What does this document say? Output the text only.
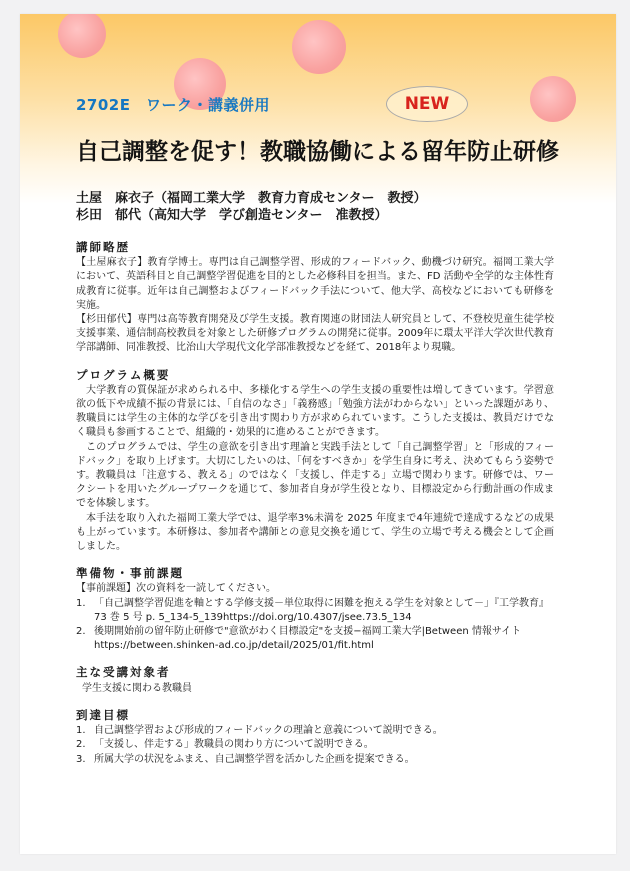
2702E　ワーク・講義併用	NEW
自己調整を促す！教職協働による留年防止研修
土屋　麻衣子（福岡工業大学　教育力育成センター　教授）
杉田　郁代（高知大学　学び創造センター　准教授）
講師略歴
【土屋麻衣子】教育学博士。専門は自己調整学習、形成的フィードバック、動機づけ研究。福岡工業大学において、英語科目と自己調整学習促進を目的とした必修科目を担当。また、FD 活動や全学的な主体性育成教育に従事。近年は自己調整およびフィードバック手法について、他大学、高校などにおいても研修を実施。
【杉田郁代】専門は高等教育開発及び学生支援。教育関連の財団法人研究員として、不登校児童生徒学校支援事業、通信制高校教員を対象とした研修プログラムの開発に従事。2009年に環太平洋大学次世代教育学部講師、同准教授、比治山大学現代文化学部准教授などを経て、2018年より現職。
プログラム概要
大学教育の質保証が求められる中、多様化する学生への学生支援の重要性は増してきています。学習意欲の低下や成績不振の背景には、「自信のなさ」「義務感」「勉強方法がわからない」といった課題があり、教職員には学生の主体的な学びを引き出す関わり方が求められています。こうした支援は、教員だけでなく職員も参画することで、組織的・効果的に進めることができます。
このプログラムでは、学生の意欲を引き出す理論と実践手法として「自己調整学習」と「形成的フィードバック」を取り上げます。大切にしたいのは、「何をすべきか」を学生自身に考え、決めてもらう姿勢です。教職員は「注意する、教える」のではなく「支援し、伴走する」立場で関わります。研修では、ワークシートを用いたグループワークを通じて、参加者自身が学生役となり、目標設定から行動計画の作成までを体験します。
本手法を取り入れた福岡工業大学では、退学率3%未満を 2025 年度まで4年連続で達成するなどの成果も上がっています。本研修は、参加者や講師との意見交換を通じて、学生の立場で考える機会として企画しました。
準備物・事前課題
【事前課題】次の資料を一読してください。
1. 「自己調整学習促進を軸とする学修支援－単位取得に困難を抱える学生を対象として－」『工学教育』73 巻 5 号 p. 5_134-5_139https://doi.org/10.4307/jsee.73.5_134
2. 後期開始前の留年防止研修で"意欲がわく目標設定"を支援−福岡工業大学|Between 情報サイト https://between.shinken-ad.co.jp/detail/2025/01/fit.html
主な受講対象者
学生支援に関わる教職員
到達目標
1. 自己調整学習および形成的フィードバックの理論と意義について説明できる。
2. 「支援し、伴走する」教職員の関わり方について説明できる。
3. 所属大学の状況をふまえ、自己調整学習を活かした企画を提案できる。
